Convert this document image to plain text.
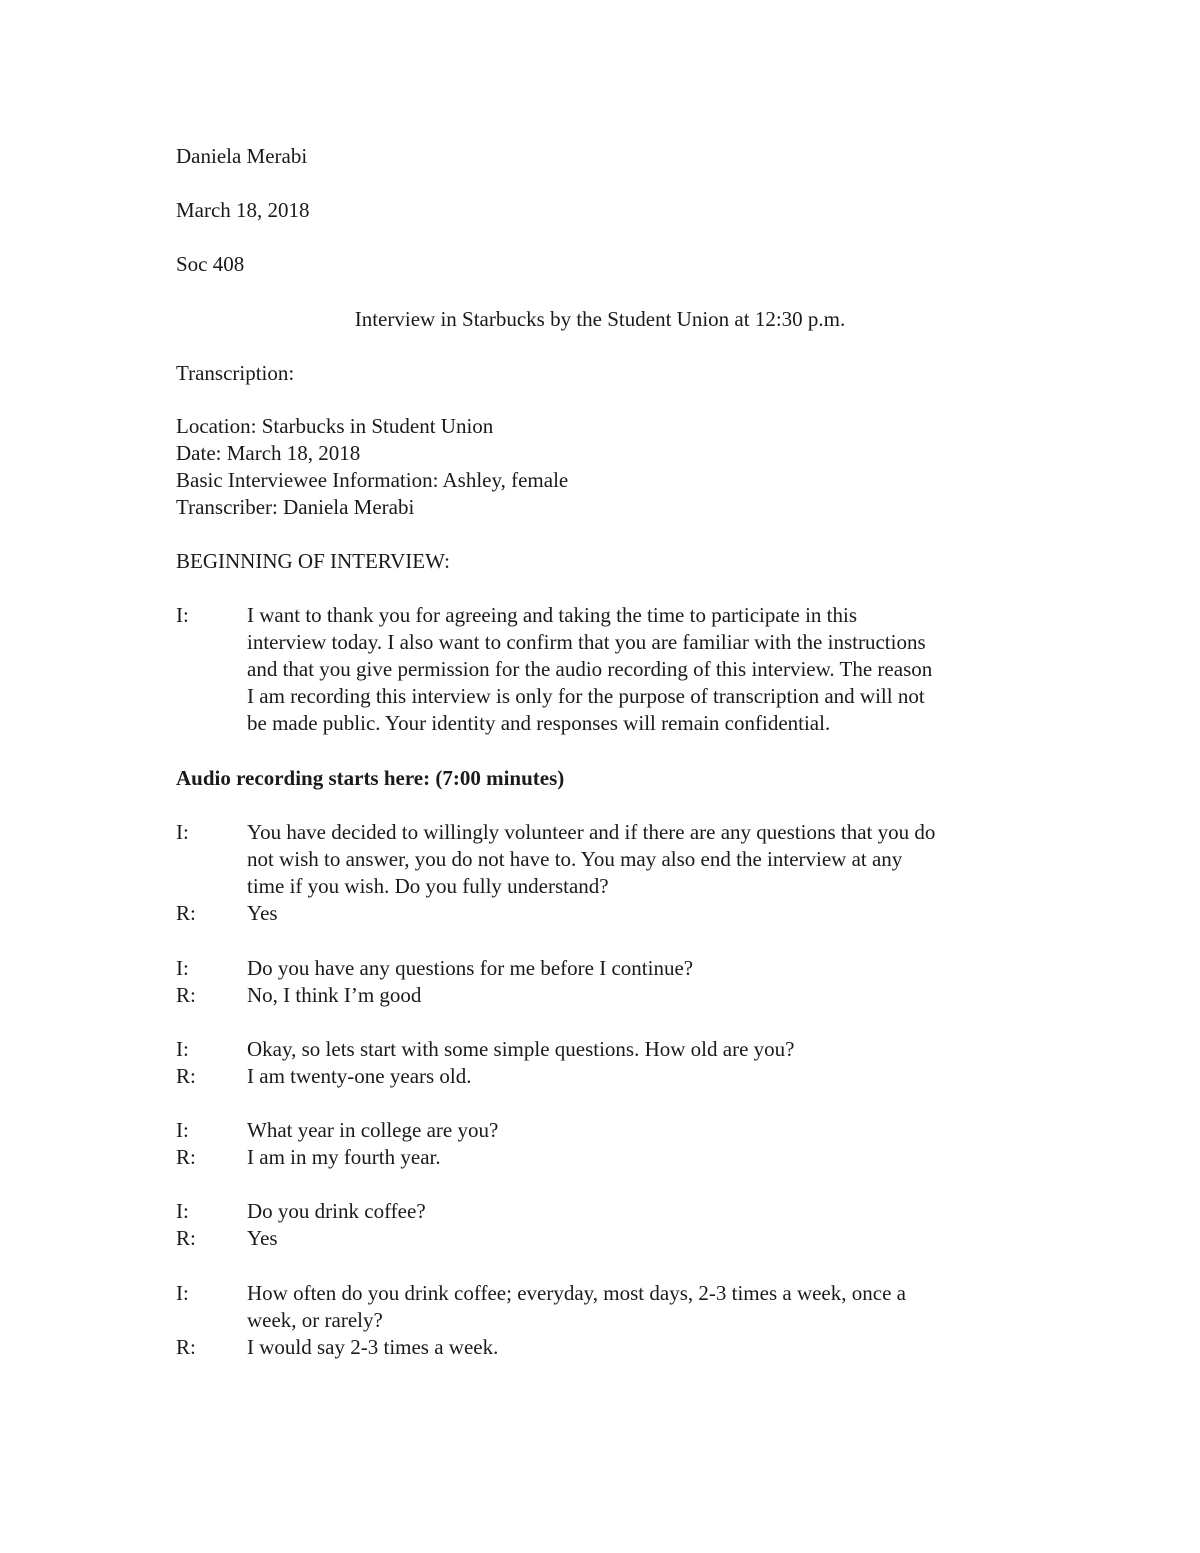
Daniela Merabi
March 18, 2018
Soc 408
Interview in Starbucks by the Student Union at 12:30 p.m.
Transcription:
Location: Starbucks in Student Union
Date: March 18, 2018
Basic Interviewee Information: Ashley, female
Transcriber: Daniela Merabi
BEGINNING OF INTERVIEW:
I:	I want to thank you for agreeing and taking the time to participate in this
interview today. I also want to confirm that you are familiar with the instructions
and that you give permission for the audio recording of this interview. The reason
I am recording this interview is only for the purpose of transcription and will not
be made public. Your identity and responses will remain confidential.
Audio recording starts here: (7:00 minutes)
I:	You have decided to willingly volunteer and if there are any questions that you do
not wish to answer, you do not have to. You may also end the interview at any
time if you wish. Do you fully understand?
R: Yes
I:	Do you have any questions for me before I continue?
R: No, I think I’m good
I:	Okay, so lets start with some simple questions. How old are you?
R: I am twenty-one years old.
I:	What year in college are you?
R: I am in my fourth year.
I:	Do you drink coffee?
R: Yes
I:	How often do you drink coffee; everyday, most days, 2-3 times a week, once a
week, or rarely?
R: I would say 2-3 times a week.
